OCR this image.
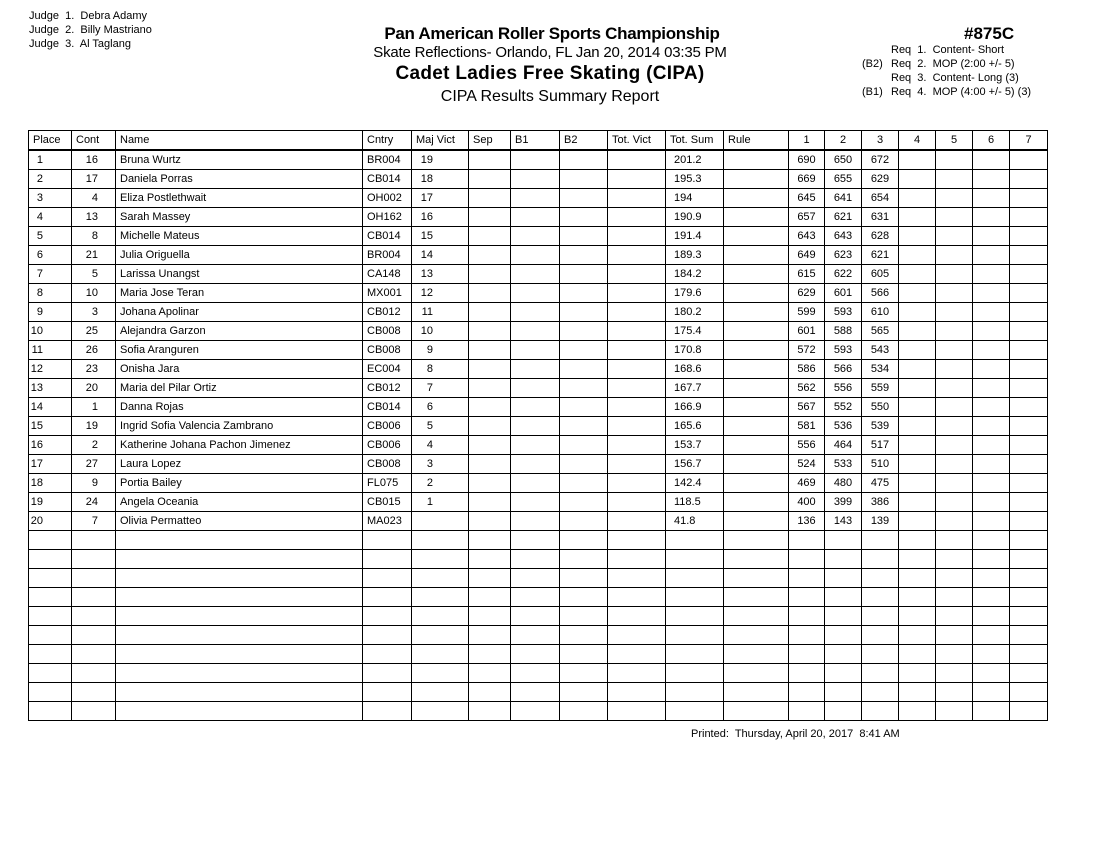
Judge  1. Debra Adamy
Judge  2. Billy Mastriano
Judge  3. Al Taglang
Pan American Roller Sports Championship
Skate Reflections- Orlando, FL Jan 20, 2014 03:35 PM
Cadet Ladies Free Skating (CIPA)
CIPA Results Summary Report
#875C
Req  1.  Content- Short
(B2) Req  2.  MOP (2:00 +/- 5)
Req  3.  Content- Long (3)
(B1) Req  4.  MOP (4:00 +/- 5) (3)
Place	Cont	Name	Cntry	Maj Vict	Sep	B1	B2	Tot. Vict	Tot. Sum	Rule	1	2	3	4	5	6	7
1	16	Bruna Wurtz	BR004	19					201.2		690	650	672				
2	17	Daniela Porras	CB014	18					195.3		669	655	629				
3	4	Eliza Postlethwait	OH002	17					194		645	641	654				
4	13	Sarah Massey	OH162	16					190.9		657	621	631				
5	8	Michelle Mateus	CB014	15					191.4		643	643	628				
6	21	Julia Origuella	BR004	14					189.3		649	623	621				
7	5	Larissa Unangst	CA148	13					184.2		615	622	605				
8	10	Maria Jose Teran	MX001	12					179.6		629	601	566				
9	3	Johana Apolinar	CB012	11					180.2		599	593	610				
10	25	Alejandra Garzon	CB008	10					175.4		601	588	565				
11	26	Sofia Aranguren	CB008	9					170.8		572	593	543				
12	23	Onisha Jara	EC004	8					168.6		586	566	534				
13	20	Maria del Pilar Ortiz	CB012	7					167.7		562	556	559				
14	1	Danna Rojas	CB014	6					166.9		567	552	550				
15	19	Ingrid Sofia Valencia Zambrano	CB006	5					165.6		581	536	539				
16	2	Katherine Johana Pachon Jimenez	CB006	4					153.7		556	464	517				
17	27	Laura Lopez	CB008	3					156.7		524	533	510				
18	9	Portia Bailey	FL075	2					142.4		469	480	475				
19	24	Angela Oceania	CB015	1					118.5		400	399	386				
20	7	Olivia Permatteo	MA023						41.8		136	143	139				

Printed:  Thursday, April 20, 2017  8:41 AM
